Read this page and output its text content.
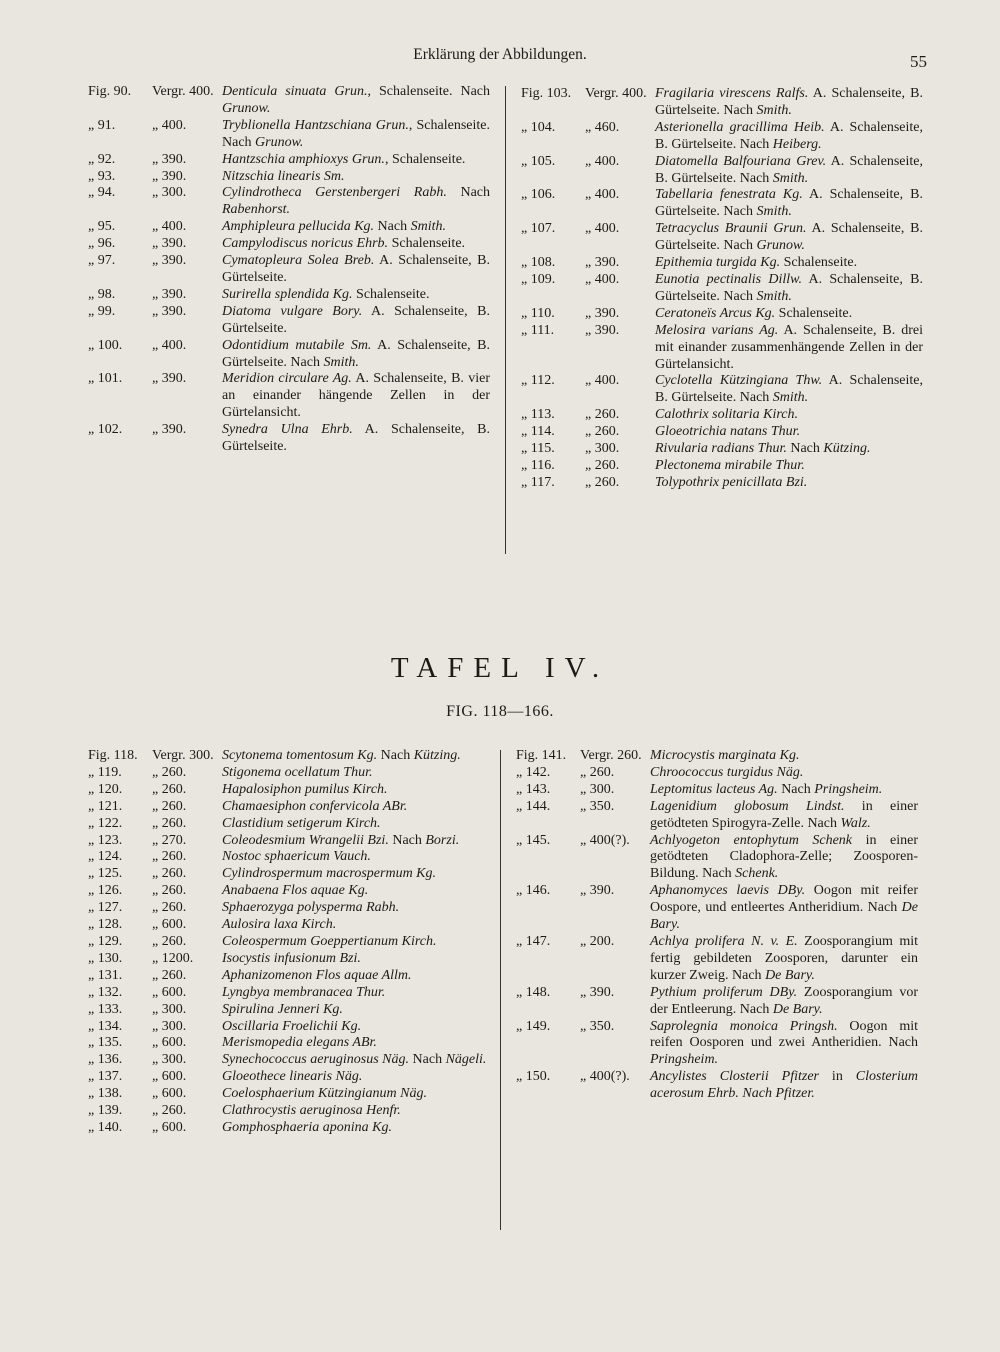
Erklärung der Abbildungen.	55
Fig. 90.	Vergr. 400. Denticula sinuata Grun., Schalenseite. Nach Grunow.
„ 91.	„ 400.	Tryblionella Hantzschiana Grun., Schalenseite. Nach Grunow.
„ 92.	„ 390.	Hantzschia amphioxys Grun., Schalenseite.
„ 93.	„ 390.	Nitzschia linearis Sm.
„ 94.	„ 300.	Cylindrotheca Gerstenbergeri Rabh. Nach Rabenhorst.
„ 95.	„ 400.	Amphipleura pellucida Kg. Nach Smith.
„ 96.	„ 390.	Campylodiscus noricus Ehrb. Schalenseite.
„ 97.	„ 390.	Cymatopleura Solea Breb. A. Schalenseite, B. Gürtelseite.
„ 98.	„ 390.	Surirella splendida Kg. Schalenseite.
„ 99.	„ 390.	Diatoma vulgare Bory. A. Schalenseite, B. Gürtelseite.
„ 100.	„ 400.	Odontidium mutabile Sm. A. Schalenseite, B. Gürtelseite. Nach Smith.
„ 101.	„ 390.	Meridion circulare Ag. A. Schalenseite, B. vier an einander hängende Zellen in der Gürtelansicht.
„ 102.	„ 390.	Synedra Ulna Ehrb. A. Schalenseite, B. Gürtelseite.
Fig. 103. Vergr. 400. Fragilaria virescens Ralfs. A. Schalenseite, B. Gürtelseite. Nach Smith.
„ 104.	„ 460.	Asterionella gracillima Heib. A. Schalenseite, B. Gürtelseite. Nach Heiberg.
„ 105.	„ 400.	Diatomella Balfouriana Grev. A. Schalenseite, B. Gürtelseite. Nach Smith.
„ 106.	„ 400.	Tabellaria fenestrata Kg. A. Schalenseite, B. Gürtelseite. Nach Smith.
„ 107.	„ 400.	Tetracyclus Braunii Grun. A. Schalenseite, B. Gürtelseite. Nach Grunow.
„ 108.	„ 390.	Epithemia turgida Kg. Schalenseite.
„ 109.	„ 400.	Eunotia pectinalis Dillw. A. Schalenseite, B. Gürtelseite. Nach Smith.
„ 110.	„ 390.	Ceratoneïs Arcus Kg. Schalenseite.
„ 111.	„ 390.	Melosira varians Ag. A. Schalenseite, B. drei mit einander zusammenhängende Zellen in der Gürtelansicht.
„ 112.	„ 400.	Cyclotella Kützingiana Thw. A. Schalenseite, B. Gürtelseite. Nach Smith.
„ 113.	„ 260.	Calothrix solitaria Kirch.
„ 114.	„ 260.	Gloeotrichia natans Thur.
„ 115.	„ 300.	Rivularia radians Thur. Nach Kützing.
„ 116.	„ 260.	Plectonema mirabile Thur.
„ 117.	„ 260.	Tolypothrix penicillata Bzi.
TAFEL IV.
FIG. 118—166.
Fig. 118.	Vergr. 300. Scytonema tomentosum Kg. Nach Kützing.
„ 119.	„ 260.	Stigonema ocellatum Thur.
„ 120.	„ 260.	Hapalosiphon pumilus Kirch.
„ 121.	„ 260.	Chamaesiphon confervicola ABr.
„ 122.	„ 260.	Clastidium setigerum Kirch.
„ 123.	„ 270.	Coleodesmium Wrangelii Bzi. Nach Borzi.
„ 124.	„ 260.	Nostoc sphaericum Vauch.
„ 125.	„ 260.	Cylindrospermum macrospermum Kg.
„ 126.	„ 260.	Anabaena Flos aquae Kg.
„ 127.	„ 260.	Sphaerozyga polysperma Rabh.
„ 128.	„ 600.	Aulosira laxa Kirch.
„ 129.	„ 260.	Coleospermum Goeppertianum Kirch.
„ 130.	„ 1200.	Isocystis infusionum Bzi.
„ 131.	„ 260.	Aphanizomenon Flos aquae Allm.
„ 132.	„ 600.	Lyngbya membranacea Thur.
„ 133.	„ 300.	Spirulina Jenneri Kg.
„ 134.	„ 300.	Oscillaria Froelichii Kg.
„ 135.	„ 600.	Merismopedia elegans ABr.
„ 136.	„ 300.	Synechococcus aeruginosus Näg. Nach Nägeli.
„ 137.	„ 600.	Gloeothece linearis Näg.
„ 138.	„ 600.	Coelosphaerium Kützingianum Näg.
„ 139.	„ 260.	Clathrocystis aeruginosa Henfr.
„ 140.	„ 600.	Gomphosphaeria aponina Kg.
Fig. 141. Vergr. 260. Microcystis marginata Kg.
„ 142.	„ 260.	Chroococcus turgidus Näg.
„ 143.	„ 300.	Leptomitus lacteus Ag. Nach Pringsheim.
„ 144.	„ 350.	Lagenidium globosum Lindst. in einer getödteten Spirogyra-Zelle. Nach Walz.
„ 145.	„ 400(?).	Achlyogeton entophytum Schenk in einer getödteten Cladophora-Zelle; Zoosporen-Bildung. Nach Schenk.
„ 146.	„ 390.	Aphanomyces laevis DBy. Oogon mit reifer Oospore, und entleertes Antheridium. Nach De Bary.
„ 147.	„ 200.	Achlya prolifera N. v. E. Zoosporangium mit fertig gebildeten Zoosporen, darunter ein kurzer Zweig. Nach De Bary.
„ 148.	„ 390.	Pythium proliferum DBy. Zoosporangium vor der Entleerung. Nach De Bary.
„ 149.	„ 350.	Saprolegnia monoica Pringsh. Oogon mit reifen Oosporen und zwei Antheridien. Nach Pringsheim.
„ 150.	„ 400(?).	Ancylistes Closterii Pfitzer in Closterium acerosum Ehrb. Nach Pfitzer.
